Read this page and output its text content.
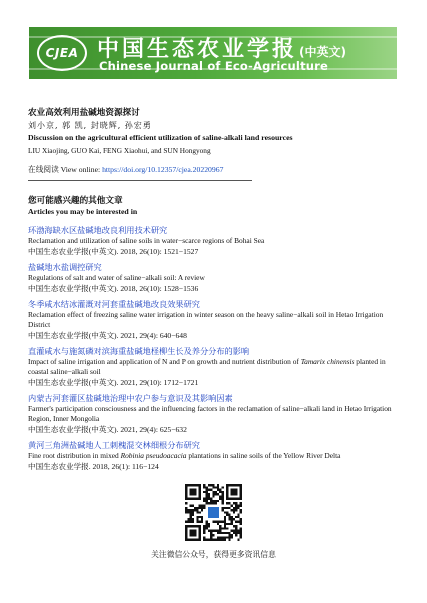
CJEA 中国生态农业学报 (中英文)
Chinese Journal of Eco-Agriculture
农业高效利用盐碱地资源探讨
刘小京, 郭 凯, 封晓辉, 孙宏勇
Discussion on the agricultural efficient utilization of saline-alkali land resources
LIU Xiaojing, GUO Kai, FENG Xiaohui, and SUN Hongyong
在线阅读 View online: https://doi.org/10.12357/cjea.20220967
您可能感兴趣的其他文章
Articles you may be interested in
环渤海缺水区盐碱地改良利用技术研究
Reclamation and utilization of saline soils in water−scarce regions of Bohai Sea
中国生态农业学报(中英文). 2018, 26(10): 1521−1527
盐碱地水盐调控研究
Regulations of salt and water of saline−alkali soil: A review
中国生态农业学报(中英文). 2018, 26(10): 1528−1536
冬季咸水结冰灌溉对河套重盐碱地改良效果研究
Reclamation effect of freezing saline water irrigation in winter season on the heavy saline−alkali soil in Hetao Irrigation District
中国生态农业学报(中英文). 2021, 29(4): 640−648
直灌咸水与施氮磷对滨海重盐碱地柽柳生长及养分分布的影响
Impact of saline irrigation and application of N and P on growth and nutrient distribution of Tamarix chinensis planted in coastal saline−alkali soil
中国生态农业学报(中英文). 2021, 29(10): 1712−1721
内蒙古河套灌区盐碱地治理中农户参与意识及其影响因素
Farmer's participation consciousness and the influencing factors in the reclamation of saline−alkali land in Hetao Irrigation Region, Inner Mongolia
中国生态农业学报(中英文). 2021, 29(4): 625−632
黄河三角洲盐碱地人工刺槐混交林细根分布研究
Fine root distribution in mixed Robinia pseudoacacia plantations in saline soils of the Yellow River Delta
中国生态农业学报. 2018, 26(1): 116−124
关注微信公众号，获得更多资讯信息
